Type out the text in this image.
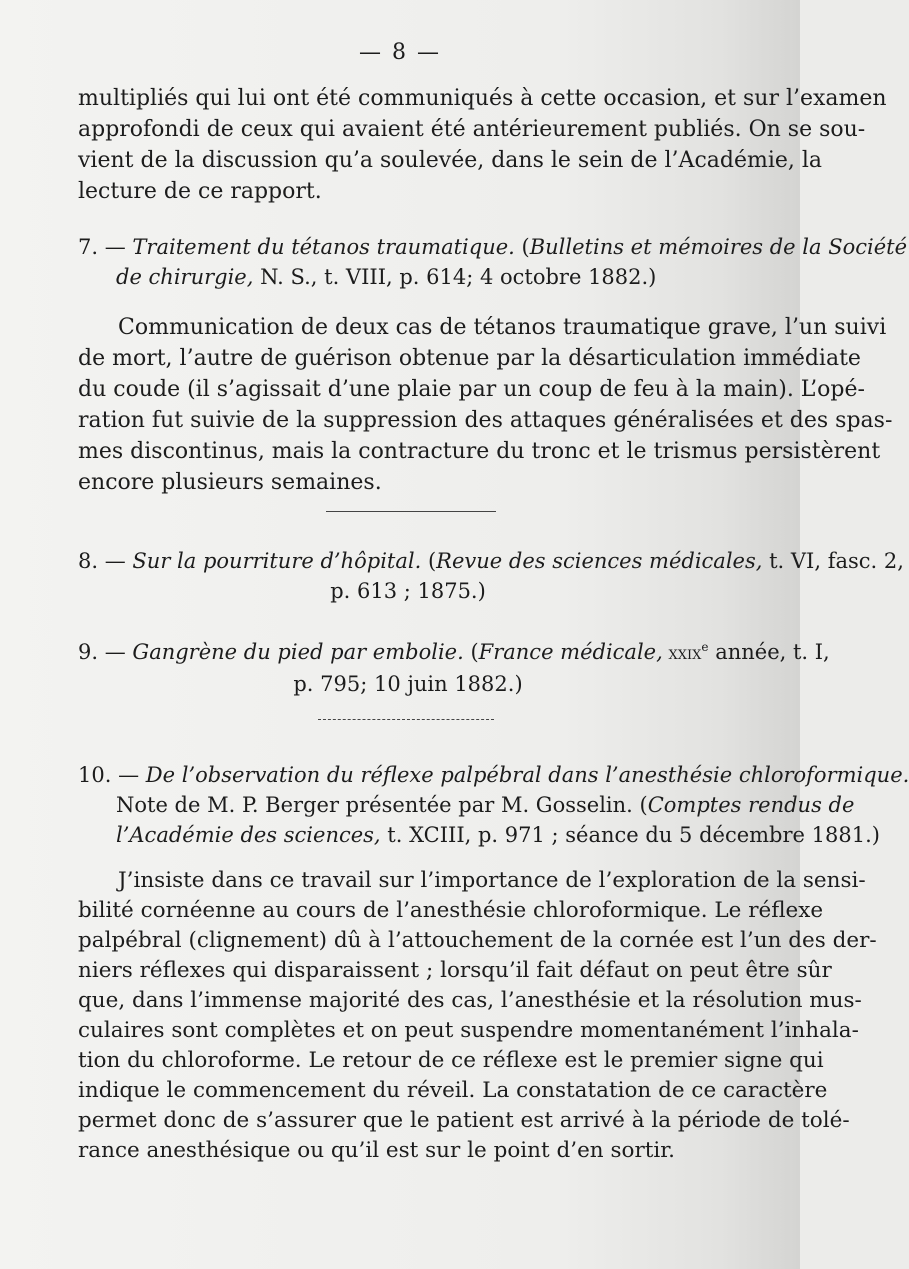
— 8 —
multipliés qui lui ont été communiqués à cette occasion, et sur l’examen
approfondi de ceux qui avaient été antérieurement publiés. On se sou-
vient de la discussion qu’a soulevée, dans le sein de l’Académie, la
lecture de ce rapport.
7. — Traitement du tétanos traumatique. (Bulletins et mémoires de la Société
de chirurgie, N. S., t. VIII, p. 614; 4 octobre 1882.)
Communication de deux cas de tétanos traumatique grave, l’un suivi
de mort, l’autre de guérison obtenue par la désarticulation immédiate
du coude (il s’agissait d’une plaie par un coup de feu à la main). L’opé-
ration fut suivie de la suppression des attaques généralisées et des spas-
mes discontinus, mais la contracture du tronc et le trismus persistèrent
encore plusieurs semaines.
8. — Sur la pourriture d’hôpital. (Revue des sciences médicales, t. VI, fasc. 2,
p. 613 ; 1875.)
9. — Gangrène du pied par embolie. (France médicale, xxix$^e$ année, t. I,
p. 795; 10 juin 1882.)
10. — De l’observation du réflexe palpébral dans l’anesthésie chloroformique.
Note de M. P. Berger présentée par M. Gosselin. (Comptes rendus de
l’Académie des sciences, t. XCIII, p. 971 ; séance du 5 décembre 1881.)
J’insiste dans ce travail sur l’importance de l’exploration de la sensi-
bilité cornéenne au cours de l’anesthésie chloroformique. Le réflexe
palpébral (clignement) dû à l’attouchement de la cornée est l’un des der-
niers réflexes qui disparaissent ; lorsqu’il fait défaut on peut être sûr
que, dans l’immense majorité des cas, l’anesthésie et la résolution mus-
culaires sont complètes et on peut suspendre momentanément l’inhala-
tion du chloroforme. Le retour de ce réflexe est le premier signe qui
indique le commencement du réveil. La constatation de ce caractère
permet donc de s’assurer que le patient est arrivé à la période de tolé-
rance anesthésique ou qu’il est sur le point d’en sortir.
